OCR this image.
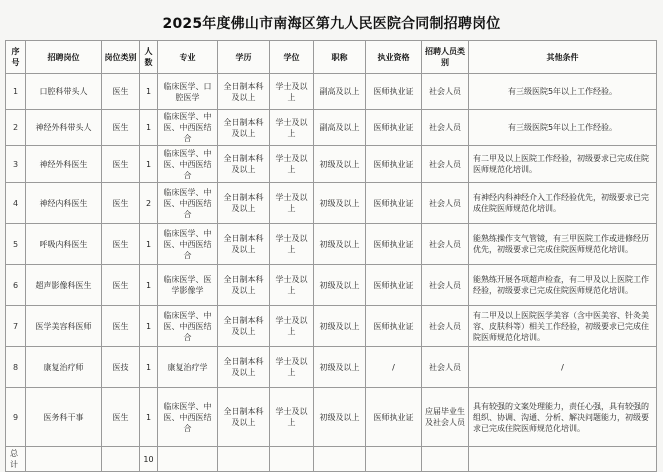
2025年度佛山市南海区第九人民医院合同制招聘岗位
序号	招聘岗位	岗位类别	人数	专业	学历	学位	职称	执业资格	招聘人员类别	其他条件
1	口腔科带头人	医生	1	临床医学、口腔医学	全日制本科及以上	学士及以上	副高及以上	医师执业证	社会人员	有三级医院5年以上工作经验。
2	神经外科带头人	医生	1	临床医学、中医、中西医结合	全日制本科及以上	学士及以上	副高及以上	医师执业证	社会人员	有三级医院5年以上工作经验。
3	神经外科医生	医生	1	临床医学、中医、中西医结合	全日制本科及以上	学士及以上	初级及以上	医师执业证	社会人员	有二甲及以上医院工作经验，初级要求已完成住院医师规范化培训。
4	神经内科医生	医生	2	临床医学、中医、中西医结合	全日制本科及以上	学士及以上	初级及以上	医师执业证	社会人员	有神经内科神经介入工作经验优先，初级要求已完成住院医师规范化培训。
5	呼吸内科医生	医生	1	临床医学、中医、中西医结合	全日制本科及以上	学士及以上	初级及以上	医师执业证	社会人员	能熟练操作支气管镜，有三甲医院工作或进修经历优先，初级要求已完成住院医师规范化培训。
6	超声影像科医生	医生	1	临床医学、医学影像学	全日制本科及以上	学士及以上	初级及以上	医师执业证	社会人员	能熟练开展各项超声检查，有二甲及以上医院工作经验，初级要求已完成住院医师规范化培训。
7	医学美容科医师	医生	1	临床医学、中医、中西医结合	全日制本科及以上	学士及以上	初级及以上	医师执业证	社会人员	有二甲及以上医院医学美容（含中医美容、针灸美容、皮肤科等）相关工作经验，初级要求已完成住院医师规范化培训。
8	康复治疗师	医技	1	康复治疗学	全日制本科及以上	学士及以上	初级及以上	/	社会人员	/
9	医务科干事	医生	1	临床医学、中医、中西医结合	全日制本科及以上	学士及以上	初级及以上	医师执业证	应届毕业生及社会人员	具有较强的文案处理能力，责任心强，具有较强的组织、协调、沟通、分析、解决问题能力，初级要求已完成住院医师规范化培训。
总计			10							
